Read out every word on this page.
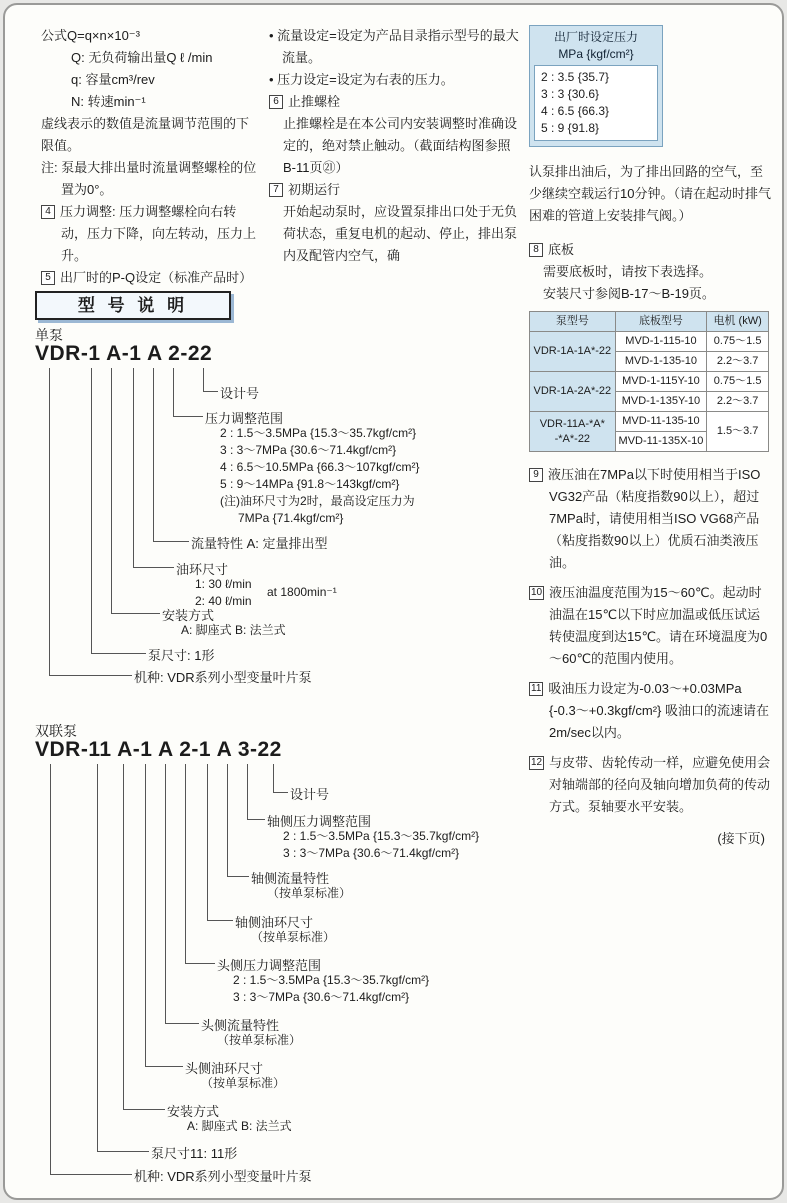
公式Q=q×n×10⁻³
Q: 无负荷输出量Q ℓ /min
q: 容量cm³/rev
N: 转速min⁻¹

虚线表示的数值是流量调节范围的下限值。

注: 泵最大排出量时流量调整螺栓的位置为0°。

4 压力调整: 压力调整螺栓向右转动，压力下降，向左转动，压力上升。

5 出厂时的P-Q设定（标准产品时）

• 流量设定=设定为产品目录指示型号的最大流量。

• 压力设定=设定为右表的压力。

6 止推螺栓

止推螺栓是在本公司内安装调整时准确设定的，绝对禁止触动。（截面结构图参照B-11页㉑）

7 初期运行

开始起动泵时，应设置泵排出口处于无负荷状态，重复电机的起动、停止，排出泵内及配管内空气，确

出厂时设定压力
MPa {kgf/cm²}
2 : 3.5 {35.7}
3 : 3 {30.6}
4 : 6.5 {66.3}
5 : 9 {91.8}

认泵排出油后，为了排出回路的空气，至少继续空载运行10分钟。（请在起动时排气困难的管道上安装排气阀。）

8 底板

需要底板时，请按下表选择。

安装尺寸参阅B-17～B-19页。

泵型号	底板型号	电机 (kW)
VDR-1A-1A*-22	MVD-1-115-10	0.75～1.5
	MVD-1-135-10	2.2～3.7
VDR-1A-2A*-22	MVD-1-115Y-10	0.75～1.5
	MVD-1-135Y-10	2.2～3.7

VDR-11A-*A*
-*A*-22	MVD-11-135-10	1.5～3.7
	MVD-11-135X-10	

9 液压油在7MPa以下时使用相当于ISO VG32产品（粘度指数90以上），超过7MPa时，请使用相当ISO VG68产品（粘度指数90以上）优质石油类液压油。

10 液压油温度范围为15～60℃。起动时油温在15℃以下时应加温或低压试运转使温度到达15℃。请在环境温度为0～60℃的范围内使用。

11 吸油压力设定为-0.03～+0.03MPa {-0.3～+0.3kgf/cm²} 吸油口的流速请在2m/sec以内。

12 与皮带、齿轮传动一样，应避免使用会对轴端部的径向及轴向增加负荷的传动方式。泵轴要水平安装。

(接下页)

型 号 说 明
单泵
VDR-1 A-1 A 2-22
设计号
压力调整范围
2 : 1.5～3.5MPa {15.3～35.7kgf/cm²}
3 : 3～7MPa {30.6～71.4kgf/cm²}
4 : 6.5～10.5MPa {66.3～107kgf/cm²}
5 : 9～14MPa {91.8～143kgf/cm²}
(注)油环尺寸为2时，最高设定压力为
7MPa {71.4kgf/cm²}
流量特性 A: 定量排出型
油环尺寸
1: 30 ℓ/min
2: 40 ℓ/min
at 1800min⁻¹
安装方式
A: 脚座式 B: 法兰式
泵尺寸: 1形
机种: VDR系列小型变量叶片泵
双联泵
VDR-11 A-1 A 2-1 A 3-22
设计号
轴侧压力调整范围
2 : 1.5～3.5MPa {15.3～35.7kgf/cm²}
3 : 3～7MPa {30.6～71.4kgf/cm²}
轴侧流量特性
（按单泵标准）
轴侧油环尺寸
（按单泵标准）
头侧压力调整范围
2 : 1.5～3.5MPa {15.3～35.7kgf/cm²}
3 : 3～7MPa {30.6～71.4kgf/cm²}
头侧流量特性
（按单泵标准）
头侧油环尺寸
（按单泵标准）
安装方式
A: 脚座式 B: 法兰式
泵尺寸11: 11形
机种: VDR系列小型变量叶片泵
